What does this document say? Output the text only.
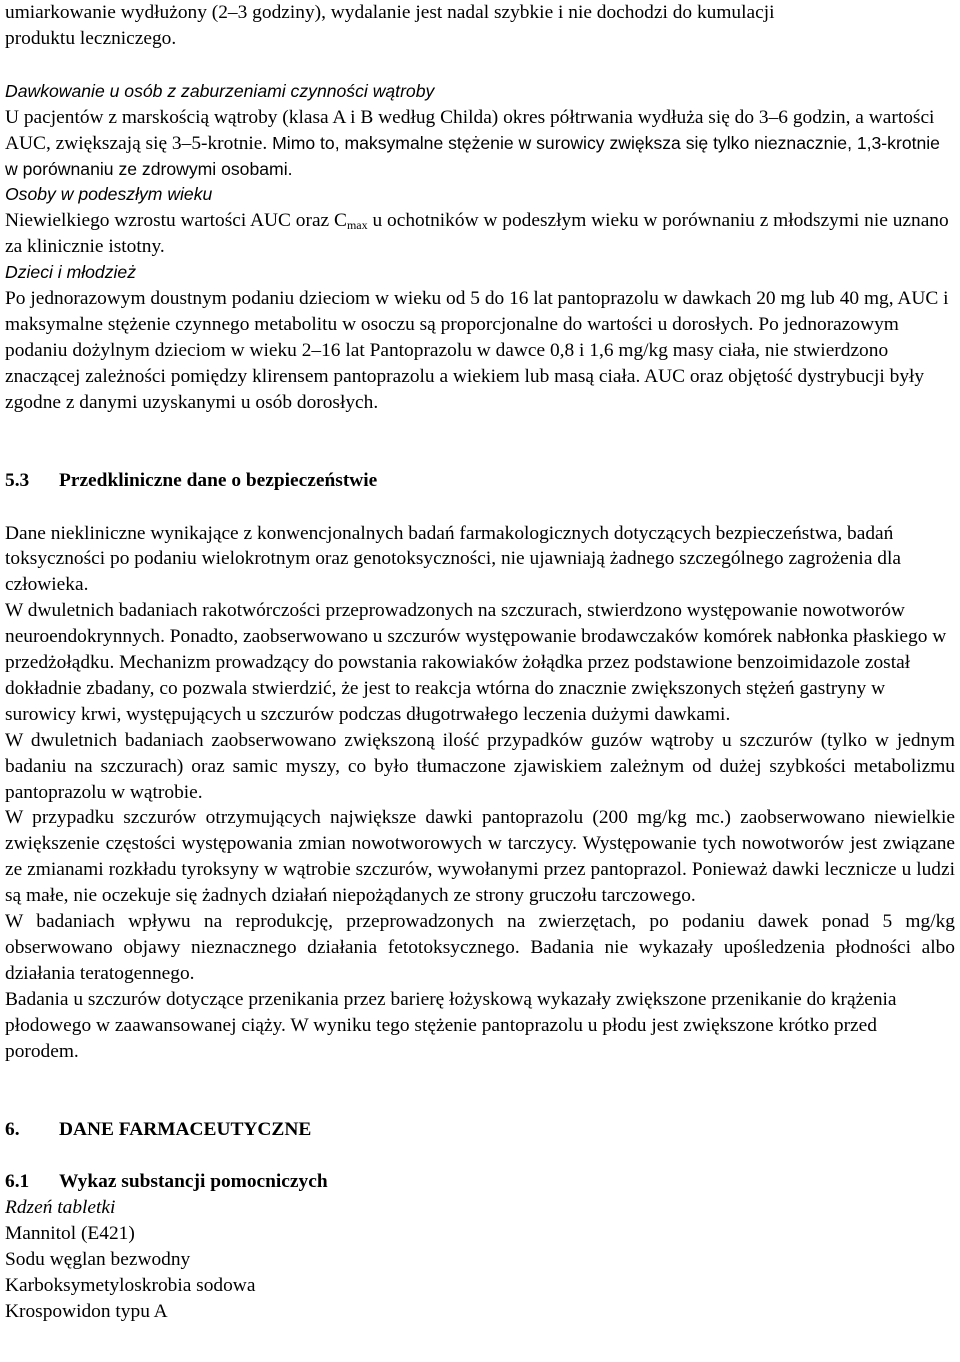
umiarkowanie wydłużony (2–3 godziny), wydalanie jest nadal szybkie i nie dochodzi do kumulacji

produktu leczniczego.

Dawkowanie u osób z zaburzeniami czynności wątroby

U pacjentów z marskością wątroby (klasa A i B według Childa) okres półtrwania wydłuża się do 3–6 godzin, a wartości AUC, zwiększają się 3–5-krotnie. Mimo to, maksymalne stężenie w surowicy zwiększa się tylko nieznacznie, 1,3-krotnie w porównaniu ze zdrowymi osobami.

Osoby w podeszłym wieku

Niewielkiego wzrostu wartości AUC oraz $C_{max}$ u ochotników w podeszłym wieku w porównaniu z młodszymi nie uznano za klinicznie istotny.

Dzieci i młodzież

Po jednorazowym doustnym podaniu dzieciom w wieku od 5 do 16 lat pantoprazolu w dawkach 20 mg lub 40 mg, AUC i maksymalne stężenie czynnego metabolitu w osoczu są proporcjonalne do wartości u dorosłych. Po jednorazowym podaniu dożylnym dzieciom w wieku 2–16 lat Pantoprazolu w dawce 0,8 i 1,6 mg/kg masy ciała, nie stwierdzono znaczącej zależności pomiędzy klirensem pantoprazolu a wiekiem lub masą ciała. AUC oraz objętość dystrybucji były zgodne z danymi uzyskanymi u osób dorosłych.

5.3	Przedkliniczne dane o bezpieczeństwie

Dane niekliniczne wynikające z konwencjonalnych badań farmakologicznych dotyczących bezpieczeństwa, badań toksyczności po podaniu wielokrotnym oraz genotoksyczności, nie ujawniają żadnego szczególnego zagrożenia dla człowieka.

W dwuletnich badaniach rakotwórczości przeprowadzonych na szczurach, stwierdzono występowanie nowotworów neuroendokrynnych. Ponadto, zaobserwowano u szczurów występowanie brodawczaków komórek nabłonka płaskiego w przedżołądku. Mechanizm prowadzący do powstania rakowiaków żołądka przez podstawione benzoimidazole został dokładnie zbadany, co pozwala stwierdzić, że jest to reakcja wtórna do znacznie zwiększonych stężeń gastryny w surowicy krwi, występujących u szczurów podczas długotrwałego leczenia dużymi dawkami.

W dwuletnich badaniach zaobserwowano zwiększoną ilość przypadków guzów wątroby u szczurów (tylko w jednym badaniu na szczurach) oraz samic myszy, co było tłumaczone zjawiskiem zależnym od dużej szybkości metabolizmu pantoprazolu w wątrobie.

W przypadku szczurów otrzymujących największe dawki pantoprazolu (200 mg/kg mc.) zaobserwowano niewielkie zwiększenie częstości występowania zmian nowotworowych w tarczycy. Występowanie tych nowotworów jest związane ze zmianami rozkładu tyroksyny w wątrobie szczurów, wywołanymi przez pantoprazol. Ponieważ dawki lecznicze u ludzi są małe, nie oczekuje się żadnych działań niepożądanych ze strony gruczołu tarczowego.

W badaniach wpływu na reprodukcję, przeprowadzonych na zwierzętach, po podaniu dawek ponad 5 mg/kg obserwowano objawy nieznacznego działania fetotoksycznego. Badania nie wykazały upośledzenia płodności albo działania teratogennego.

Badania u szczurów dotyczące przenikania przez barierę łożyskową wykazały zwiększone przenikanie do krążenia płodowego w zaawansowanej ciąży. W wyniku tego stężenie pantoprazolu u płodu jest zwiększone krótko przed porodem.

6.	DANE FARMACEUTYCZNE
6.1	Wykaz substancji pomocniczych

Rdzeń tabletki

Mannitol (E421)

Sodu węglan bezwodny

Karboksymetyloskrobia sodowa

Krospowidon typu A
